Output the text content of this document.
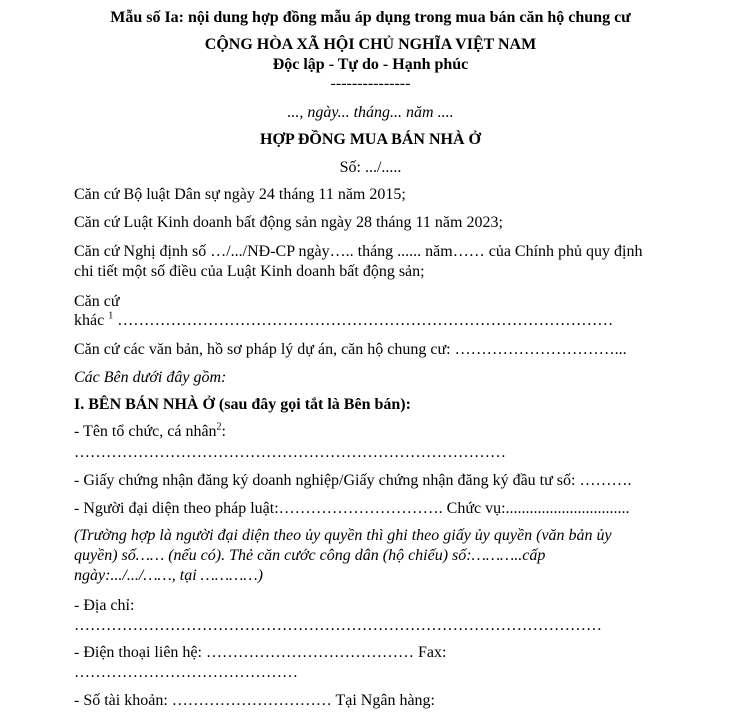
Mẫu số Ia: nội dung hợp đồng mẫu áp dụng trong mua bán căn hộ chung cư
CỘNG HÒA XÃ HỘI CHỦ NGHĨA VIỆT NAM
Độc lập - Tự do - Hạnh phúc
---------------
..., ngày... tháng... năm ....
HỢP ĐỒNG MUA BÁN NHÀ Ở
Số: .../.....
Căn cứ Bộ luật Dân sự ngày 24 tháng 11 năm 2015;
Căn cứ Luật Kinh doanh bất động sản ngày 28 tháng 11 năm 2023;
Căn cứ Nghị định số …/.../NĐ-CP ngày….. tháng ...... năm…… của Chính phủ quy định
chi tiết một số điều của Luật Kinh doanh bất động sản;
Căn cứ
khác $^1$ …………………………………………………………………………………
Căn cứ các văn bản, hồ sơ pháp lý dự án, căn hộ chung cư: …………………………...
Các Bên dưới đây gồm:
I. BÊN BÁN NHÀ Ở (sau đây gọi tắt là Bên bán):
- Tên tổ chức, cá nhân$^2$:
………………………………………………………………………
- Giấy chứng nhận đăng ký doanh nghiệp/Giấy chứng nhận đăng ký đầu tư số: ……….
- Người đại diện theo pháp luật:…………………………. Chức vụ:...............................
(Trường hợp là người đại diện theo ủy quyền thì ghi theo giấy ủy quyền (văn bản ủy
quyền) số…… (nếu có). Thẻ căn cước công dân (hộ chiếu) số:………..cấp
ngày:.../.../……, tại …………)
- Địa chỉ:
………………………………………………………………………………………
- Điện thoại liên hệ: ………………………………… Fax:
……………………………………
- Số tài khoản: ………………………… Tại Ngân hàng:
